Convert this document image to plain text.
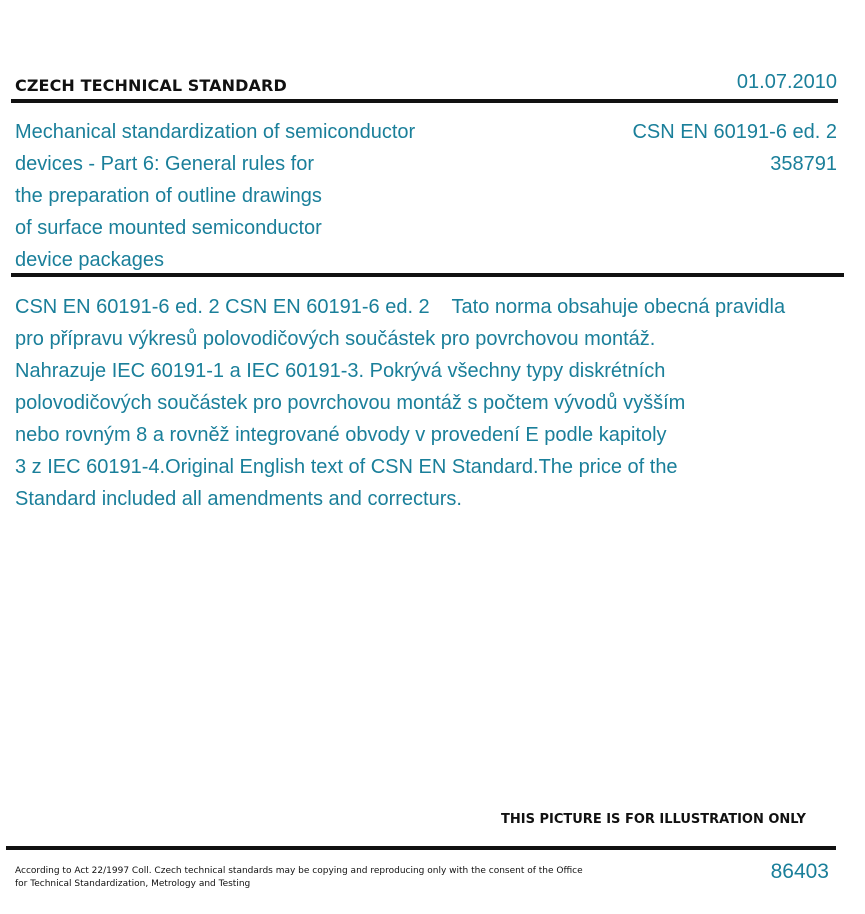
CZECH TECHNICAL STANDARD	01.07.2010
Mechanical standardization of semiconductor
devices - Part 6: General rules for
the preparation of outline drawings
of surface mounted semiconductor
device packages
CSN EN 60191-6 ed. 2
358791
CSN EN 60191-6 ed. 2 CSN EN 60191-6 ed. 2    Tato norma obsahuje obecná pravidla
pro přípravu výkresů polovodičových součástek pro povrchovou montáž.
Nahrazuje IEC 60191-1 a IEC 60191-3. Pokrývá všechny typy diskrétních
polovodičových součástek pro povrchovou montáž s počtem vývodů vyšším
nebo rovným 8 a rovněž integrované obvody v provedení E podle kapitoly
3 z IEC 60191-4.Original English text of CSN EN Standard.The price of the
Standard included all amendments and correcturs.
THIS PICTURE IS FOR ILLUSTRATION ONLY
According to Act 22/1997 Coll. Czech technical standards may be copying and reproducing only with the consent of the Office
for Technical Standardization, Metrology and Testing
86403
